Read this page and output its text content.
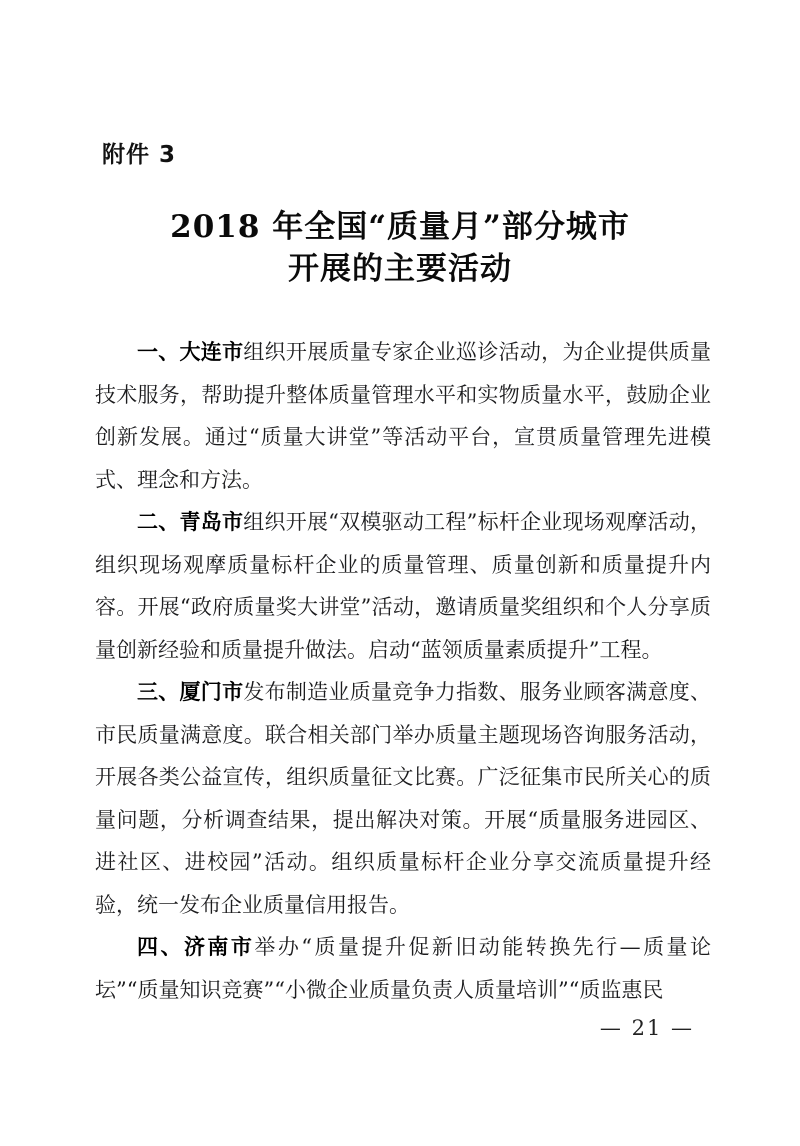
附件 3
2018 年全国“质量月”部分城市
开展的主要活动

一、大连市组织开展质量专家企业巡诊活动，为企业提供质量技术服务，帮助提升整体质量管理水平和实物质量水平，鼓励企业创新发展。通过“质量大讲堂”等活动平台，宣贯质量管理先进模式、理念和方法。

二、青岛市组织开展“双模驱动工程”标杆企业现场观摩活动，组织现场观摩质量标杆企业的质量管理、质量创新和质量提升内容。开展“政府质量奖大讲堂”活动，邀请质量奖组织和个人分享质量创新经验和质量提升做法。启动“蓝领质量素质提升”工程。

三、厦门市发布制造业质量竞争力指数、服务业顾客满意度、市民质量满意度。联合相关部门举办质量主题现场咨询服务活动，开展各类公益宣传，组织质量征文比赛。广泛征集市民所关心的质量问题，分析调查结果，提出解决对策。开展“质量服务进园区、进社区、进校园”活动。组织质量标杆企业分享交流质量提升经验，统一发布企业质量信用报告。

四、济南市举办“质量提升促新旧动能转换先行—质量论坛”“质量知识竞赛”“小微企业质量负责人质量培训”“质监惠民

— 21 —
